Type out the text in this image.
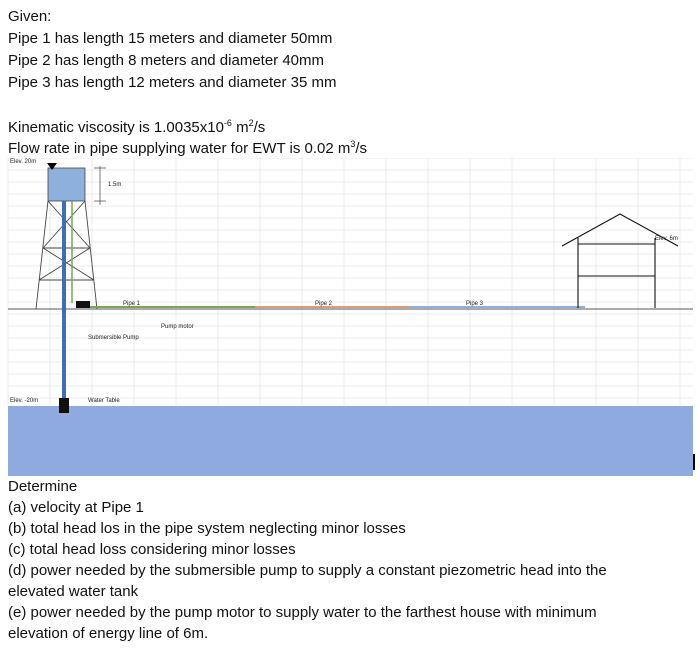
Given:
Pipe 1 has length 15 meters and diameter 50mm
Pipe 2 has length 8 meters and diameter 40mm
Pipe 3 has length 12 meters and diameter 35 mm
Kinematic viscosity is $1.0035x10^{-6}$ $m^2/s$
Flow rate in pipe supplying water for EWT is 0.02 $m^3/s$
Elev. 20m
1.5m
Elev. 6m
Pipe 1	Pipe 2	Pipe 3
Pump motor
Submersible Pump
Elev. -20m	Water Table
Determine
(a) velocity at Pipe 1
(b) total head los in the pipe system neglecting minor losses
(c) total head loss considering minor losses
(d) power needed by the submersible pump to supply a constant piezometric head into the
elevated water tank
(e) power needed by the pump motor to supply water to the farthest house with minimum
elevation of energy line of 6m.
